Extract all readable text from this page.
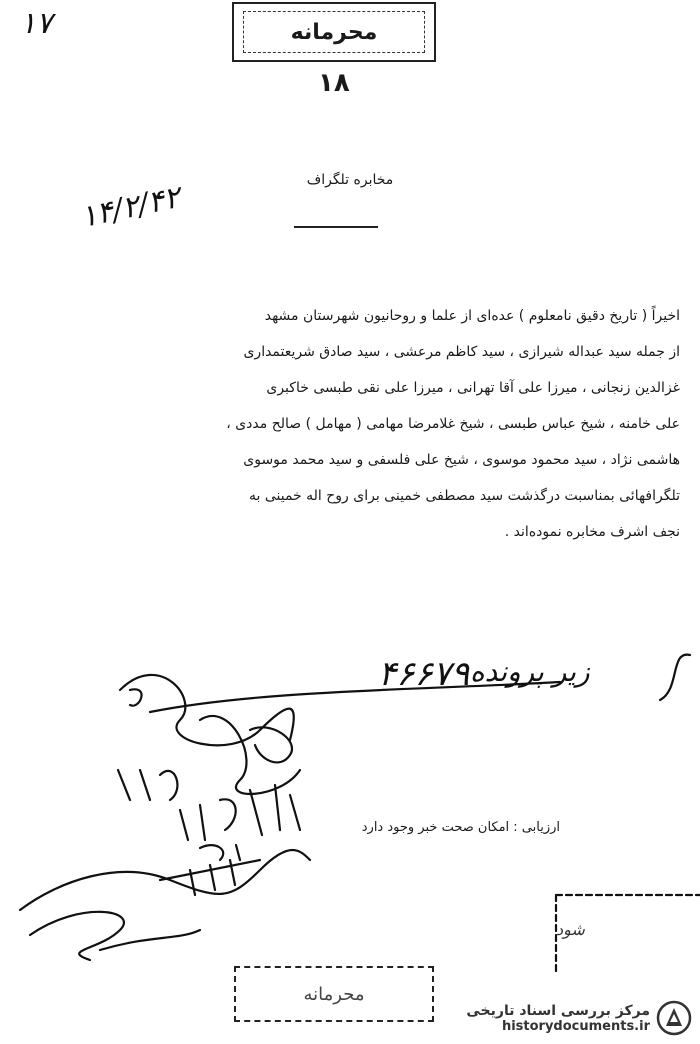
محرمانه
۱۷
۱۸
مخابره تلگراف
۱۴/۲/۴۲
اخیراً ( تاریخ دقیق نامعلوم ) عده‌ای از علما و روحانیون شهرستان مشهد
از جمله سید عبداله شیرازی ، سید کاظم مرعشی ، سید صادق شریعتمداری
غزالدین زنجانی ، میرزا علی آقا تهرانی ، میرزا علی نقی طبسی خاکبری
علی خامنه ، شیخ عباس طبسی ، شیخ غلامرضا مهامی ( مهامل ) صالح مددی ،
هاشمی نژاد ، سید محمود موسوی ، شیخ علی فلسفی و سید محمد موسوی
تلگرافهائی بمناسبت درگذشت سید مصطفی خمینی برای روح اله خمینی به
نجف اشرف مخابره نموده‌اند .
زیر پرونده
۴۶۶۷۹
ارزیابی : امکان صحت خبر وجود دارد
شود
محرمانه
مرکز بررسی اسناد تاریخی
historydocuments.ir
